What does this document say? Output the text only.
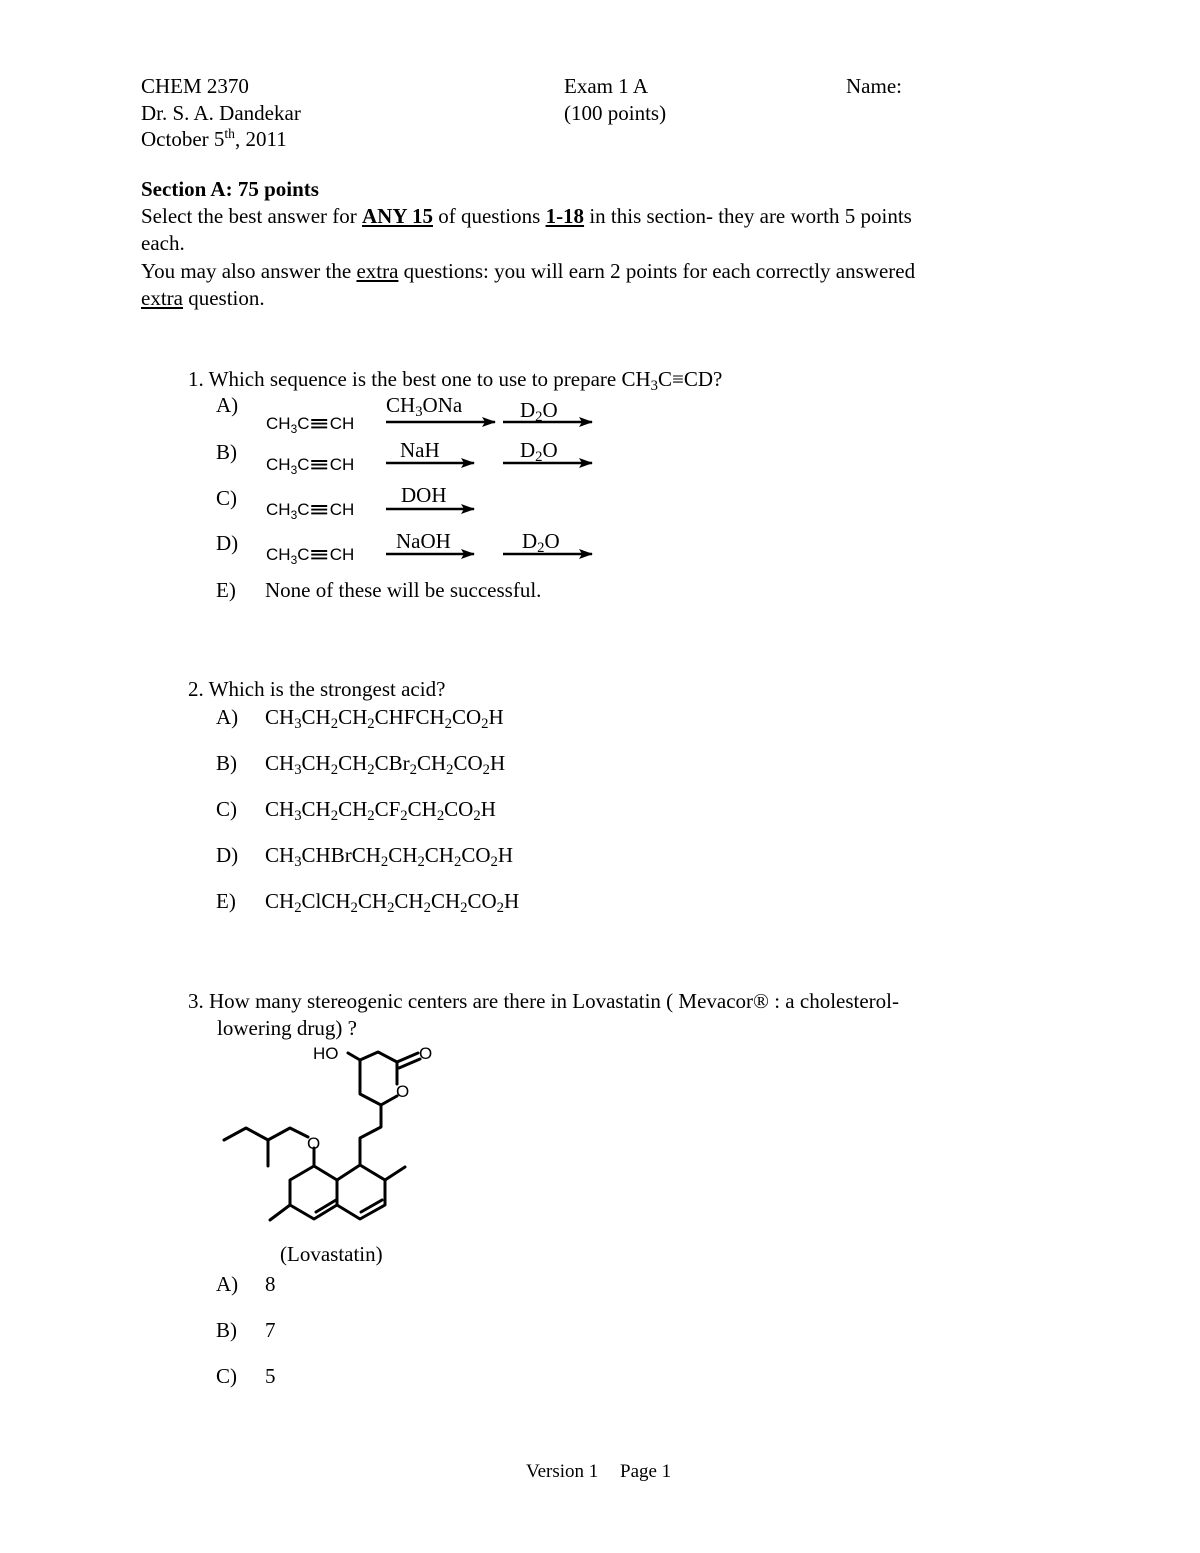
CHEM 2370
Dr. S. A. Dandekar
October 5th, 2011
Exam 1 A
(100 points)
Name:
Section A: 75 points
Select the best answer for ANY 15 of questions 1-18 in this section- they are worth 5 points
each.
You may also answer the extra questions: you will earn 2 points for each correctly answered
extra question.
1. Which sequence is the best one to use to prepare $CH_3C\equiv CD$?
A)
$CH_3C\equiv CH$
$CH_3ONa$	$D_2O$
B)
$CH_3C\equiv CH$
NaH	$D_2O$
C) $CH_3C\equiv CH$
DOH
D) $CH_3C\equiv CH$
NaOH	$D_2O$
E) None of these will be successful.
2. Which is the strongest acid?
A) $CH_3CH_2CH_2CHFCH_2CO_2H$
B) $CH_3CH_2CH_2CBr_2CH_2CO_2H$
C) $CH_3CH_2CH_2CF_2CH_2CO_2H$
D) $CH_3CHBrCH_2CH_2CH_2CO_2H$
E) $CH_2ClCH_2CH_2CH_2CH_2CO_2H$
3. How many stereogenic centers are there in Lovastatin ( Mevacor® : a cholesterol-
lowering drug) ?
HO	O
O
O
(Lovastatin)
A) 8
B) 7
C) 5
Version 1 Page 1
